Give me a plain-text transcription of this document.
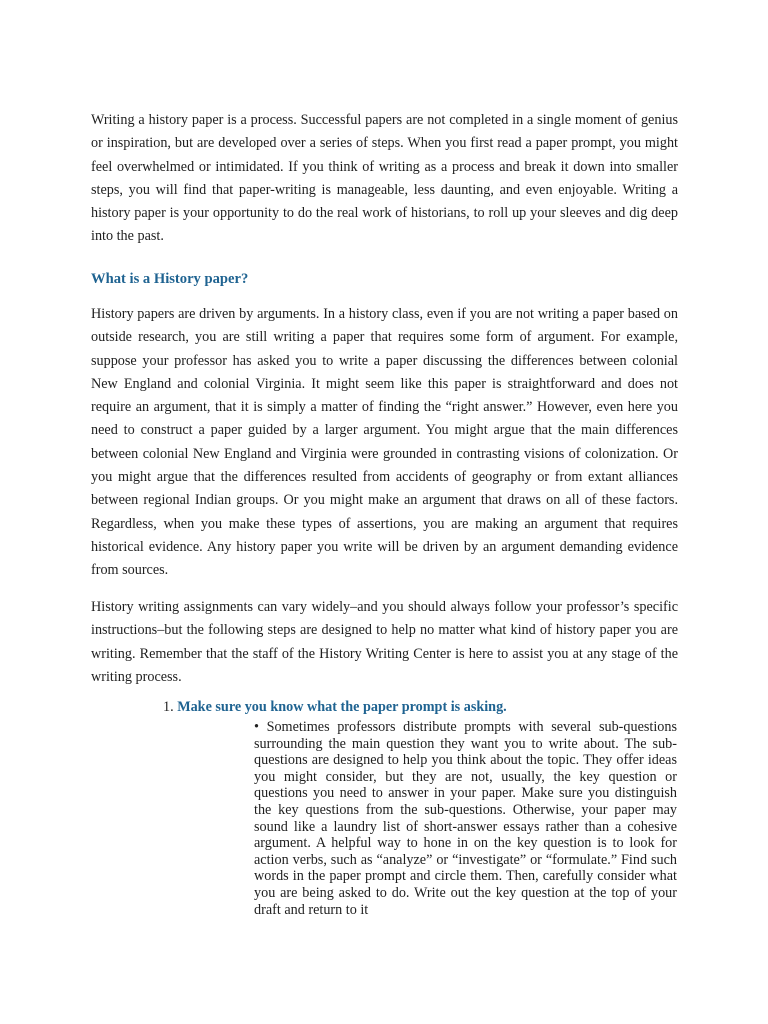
Writing a history paper is a process. Successful papers are not completed in a single moment of genius or inspiration, but are developed over a series of steps. When you first read a paper prompt, you might feel overwhelmed or intimidated. If you think of writing as a process and break it down into smaller steps, you will find that paper-writing is manageable, less daunting, and even enjoyable. Writing a history paper is your opportunity to do the real work of historians, to roll up your sleeves and dig deep into the past.

What is a History paper?

History papers are driven by arguments. In a history class, even if you are not writing a paper based on outside research, you are still writing a paper that requires some form of argument. For example, suppose your professor has asked you to write a paper discussing the differences between colonial New England and colonial Virginia. It might seem like this paper is straightforward and does not require an argument, that it is simply a matter of finding the “right answer.” However, even here you need to construct a paper guided by a larger argument. You might argue that the main differences between colonial New England and Virginia were grounded in contrasting visions of colonization. Or you might argue that the differences resulted from accidents of geography or from extant alliances between regional Indian groups. Or you might make an argument that draws on all of these factors. Regardless, when you make these types of assertions, you are making an argument that requires historical evidence. Any history paper you write will be driven by an argument demanding evidence from sources.

History writing assignments can vary widely–and you should always follow your professor’s specific instructions–but the following steps are designed to help no matter what kind of history paper you are writing. Remember that the staff of the History Writing Center is here to assist you at any stage of the writing process.

1. Make sure you know what the paper prompt is asking.

• Sometimes professors distribute prompts with several sub-questions surrounding the main question they want you to write about. The sub-questions are designed to help you think about the topic. They offer ideas you might consider, but they are not, usually, the key question or questions you need to answer in your paper. Make sure you distinguish the key questions from the sub-questions. Otherwise, your paper may sound like a laundry list of short-answer essays rather than a cohesive argument. A helpful way to hone in on the key question is to look for action verbs, such as “analyze” or “investigate” or “formulate.” Find such words in the paper prompt and circle them. Then, carefully consider what you are being asked to do. Write out the key question at the top of your draft and return to it
